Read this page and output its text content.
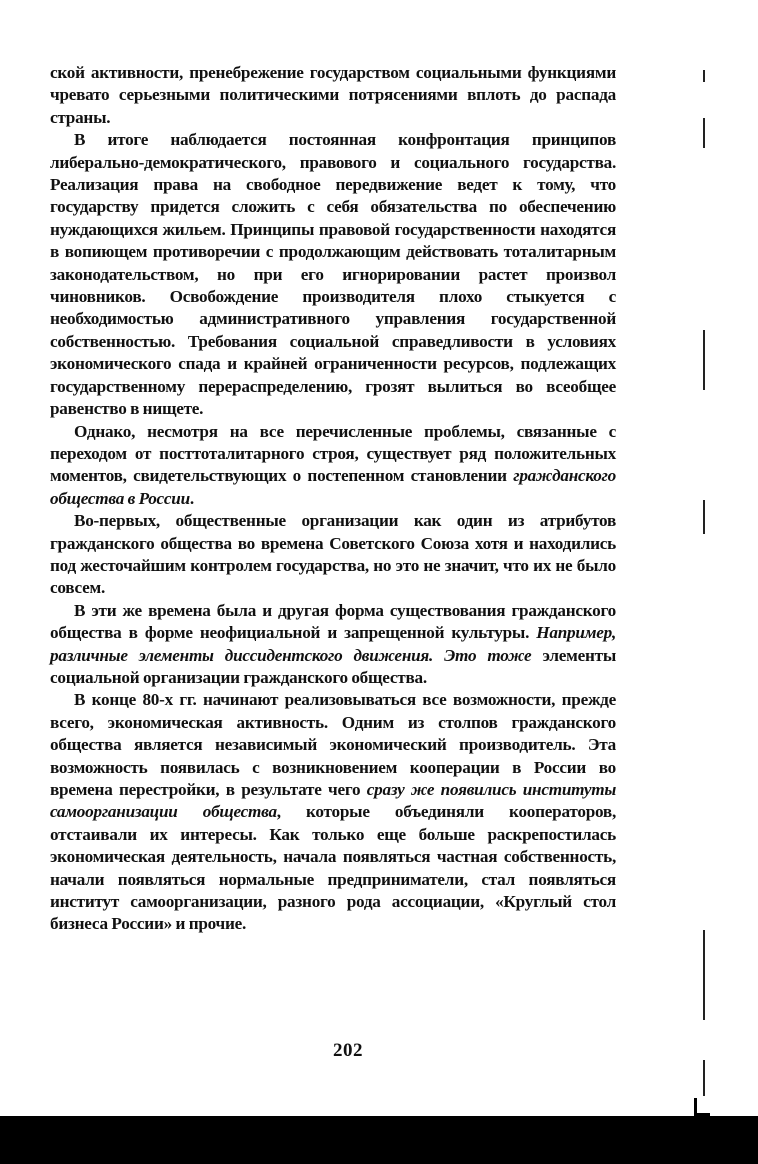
ской активности, пренебрежение государством социальными функциями чревато серьезными политическими потрясениями вплоть до распада страны.

В итоге наблюдается постоянная конфронтация принципов либерально-демократического, правового и социального государства. Реализация права на свободное передвижение ведет к тому, что государству придется сложить с себя обязательства по обеспечению нуждающихся жильем. Принципы правовой государственности находятся в вопиющем противоречии с продолжающим действовать тоталитарным законодательством, но при его игнорировании растет произвол чиновников. Освобождение производителя плохо стыкуется с необходимостью административного управления государственной собственностью. Требования социальной справедливости в условиях экономического спада и крайней ограниченности ресурсов, подлежащих государственному перераспределению, грозят вылиться во всеобщее равенство в нищете.

Однако, несмотря на все перечисленные проблемы, связанные с переходом от посттоталитарного строя, существует ряд положительных моментов, свидетельствующих о постепенном становлении гражданского общества в России.

Во-первых, общественные организации как один из атрибутов гражданского общества во времена Советского Союза хотя и находились под жесточайшим контролем государства, но это не значит, что их не было совсем.

В эти же времена была и другая форма существования гражданского общества в форме неофициальной и запрещенной культуры. Например, различные элементы диссидентского движения. Это тоже элементы социальной организации гражданского общества.

В конце 80-х гг. начинают реализовываться все возможности, прежде всего, экономическая активность. Одним из столпов гражданского общества является независимый экономический производитель. Эта возможность появилась с возникновением кооперации в России во времена перестройки, в результате чего сразу же появились институты самоорганизации общества, которые объединяли кооператоров, отстаивали их интересы. Как только еще больше раскрепостилась экономическая деятельность, начала появляться частная собственность, начали появляться нормальные предприниматели, стал появляться институт самоорганизации, разного рода ассоциации, «Круглый стол бизнеса России» и прочие.

202
